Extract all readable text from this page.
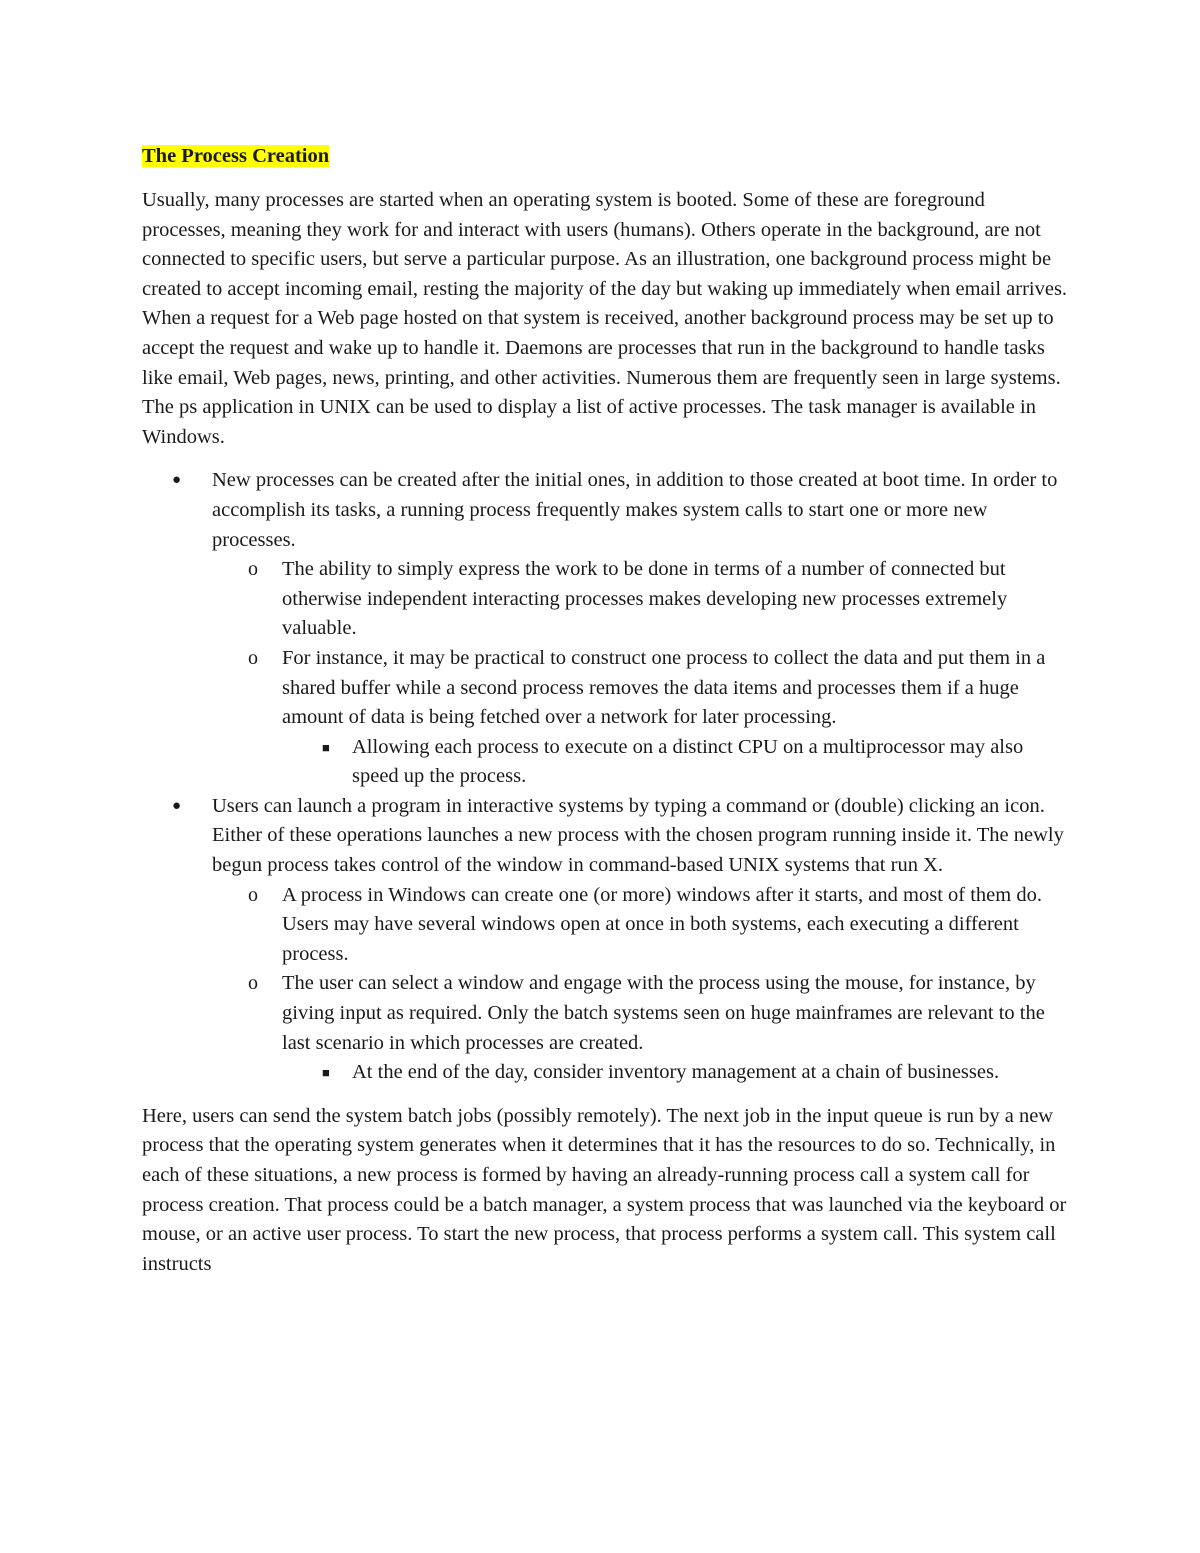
The Process Creation

Usually, many processes are started when an operating system is booted. Some of these are foreground processes, meaning they work for and interact with users (humans). Others operate in the background, are not connected to specific users, but serve a particular purpose. As an illustration, one background process might be created to accept incoming email, resting the majority of the day but waking up immediately when email arrives. When a request for a Web page hosted on that system is received, another background process may be set up to accept the request and wake up to handle it. Daemons are processes that run in the background to handle tasks like email, Web pages, news, printing, and other activities. Numerous them are frequently seen in large systems. The ps application in UNIX can be used to display a list of active processes. The task manager is available in Windows.

● New processes can be created after the initial ones, in addition to those created at boot time. In order to accomplish its tasks, a running process frequently makes system calls to start one or more new processes.
o The ability to simply express the work to be done in terms of a number of connected but otherwise independent interacting processes makes developing new processes extremely valuable.
o For instance, it may be practical to construct one process to collect the data and put them in a shared buffer while a second process removes the data items and processes them if a huge amount of data is being fetched over a network for later processing.
■ Allowing each process to execute on a distinct CPU on a multiprocessor may also speed up the process.
● Users can launch a program in interactive systems by typing a command or (double) clicking an icon. Either of these operations launches a new process with the chosen program running inside it. The newly begun process takes control of the window in command-based UNIX systems that run X.
o A process in Windows can create one (or more) windows after it starts, and most of them do. Users may have several windows open at once in both systems, each executing a different process.
o The user can select a window and engage with the process using the mouse, for instance, by giving input as required. Only the batch systems seen on huge mainframes are relevant to the last scenario in which processes are created.
■ At the end of the day, consider inventory management at a chain of businesses.

Here, users can send the system batch jobs (possibly remotely). The next job in the input queue is run by a new process that the operating system generates when it determines that it has the resources to do so. Technically, in each of these situations, a new process is formed by having an already-running process call a system call for process creation. That process could be a batch manager, a system process that was launched via the keyboard or mouse, or an active user process. To start the new process, that process performs a system call. This system call instructs
